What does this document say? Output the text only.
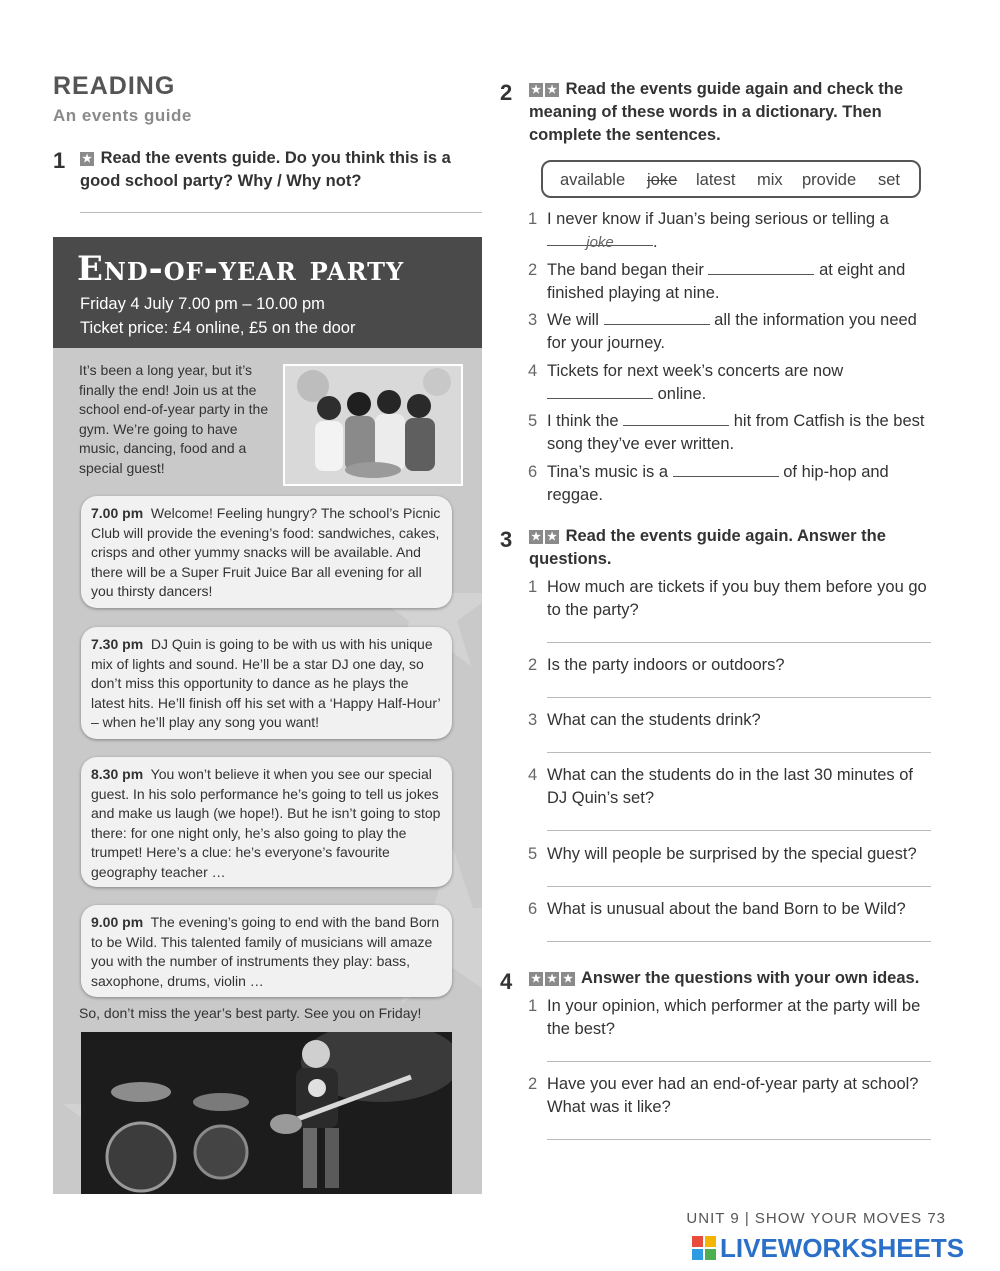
READING
An events guide
1 ★ Read the events guide. Do you think this is a good school party? Why / Why not?
End-of-year party
Friday 4 July 7.00 pm – 10.00 pm
Ticket price: £4 online, £5 on the door
It’s been a long year, but it’s finally the end! Join us at the school end-of-year party in the gym. We’re going to have music, dancing, food and a special guest!
7.00 pm Welcome! Feeling hungry? The school’s Picnic Club will provide the evening’s food: sandwiches, cakes, crisps and other yummy snacks will be available. And there will be a Super Fruit Juice Bar all evening for all you thirsty dancers!
7.30 pm DJ Quin is going to be with us with his unique mix of lights and sound. He’ll be a star DJ one day, so don’t miss this opportunity to dance as he plays the latest hits. He’ll finish off his set with a ‘Happy Half-Hour’ – when he’ll play any song you want!
8.30 pm You won’t believe it when you see our special guest. In his solo performance he’s going to tell us jokes and make us laugh (we hope!). But he isn’t going to stop there: for one night only, he’s also going to play the trumpet! Here’s a clue: he’s everyone’s favourite geography teacher …
9.00 pm The evening’s going to end with the band Born to be Wild. This talented family of musicians will amaze you with the number of instruments they play: bass, saxophone, drums, violin …
So, don’t miss the year’s best party. See you on Friday!
2 ★ ★ Read the events guide again and check the meaning of these words in a dictionary. Then complete the sentences.
available joke latest mix provide set
1 I never know if Juan’s being serious or telling a
joke .
2 The band began their	at eight and finished playing at nine.
3 We will	all the information you need for your journey.
4 Tickets for next week’s concerts are now
online.
5 I think the	hit from Catfish is the best song they’ve ever written.
6 Tina’s music is a	of hip-hop and reggae.
3 ★ ★ Read the events guide again. Answer the questions.
1 How much are tickets if you buy them before you go to the party?
2 Is the party indoors or outdoors?
3 What can the students drink?
4 What can the students do in the last 30 minutes of DJ Quin’s set?
5 Why will people be surprised by the special guest?
6 What is unusual about the band Born to be Wild?
4 ★ ★ ★ Answer the questions with your own ideas.
1 In your opinion, which performer at the party will be the best?
2 Have you ever had an end-of-year party at school? What was it like?
UNIT 9 | SHOW YOUR MOVES 73
LIVEWORKSHEETS
